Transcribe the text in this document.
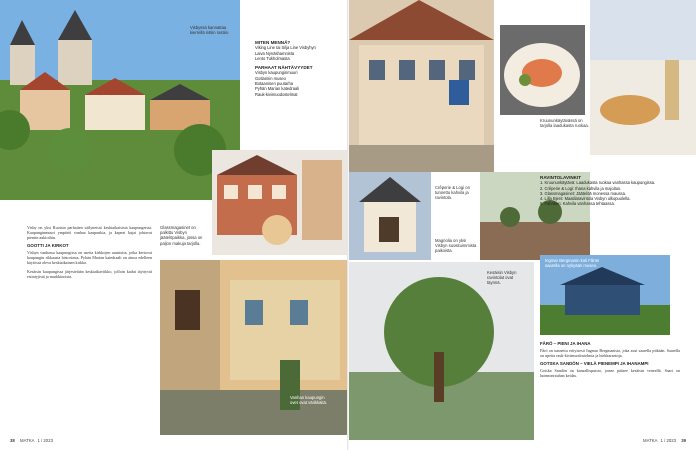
Visbyssä kannattaa kierrellä ristiin rastiin.
MITEN MENNÄ?
Viking Line tai Silja Line Visbyhyn
Laiva Nynäshamnista
Lento Tukholmasta
PARHAAT NÄHTÄVYYDET
Visbyn kaupunginmuuri
Gotlannin museo
Botaaninen puutarha
Pyhän Marian katedraali
Rauk-kivimuodostelmat
Glassmagasinet on palkittu Visbyn jäätelöpaikka, jossa on paljon makuja tarjolla.
Visby on yksi Ruotsin parhaiten säilyneistä keskiaikaisista kaupungeista. Kaupunginmuuri ympäröi vanhaa kaupunkia, ja kapeat kujat johtavat pieniin aukioihin.
GOOTTI JA KIRKOT
Visbyn vanhassa kaupungissa on useita kirkkojen raunioita, jotka kertovat kaupungin rikkaasta historiasta. Pyhän Marian katedraali on ainoa edelleen käytössä oleva keskiaikainen kirkko.
Kesäisin kaupungissa järjestetään keskiaikaviikko, jolloin kadut täyttyvät esiintyjistä ja markkinoista.
Vanhan kaupungin ovet ovat värikkäitä.
38 MATKA 1 / 2023
Kruununkäytävässä on tarjolla laadukasta ruokaa.
Crêperie & Logi on tunnettu kahvila ja ravintola.
Magnolia on yksi Visbyn suosituimmista paikoista.
RAVINTOLAVINKIT
1. Kruununkäytävä: Laadukasta ruokaa vanhassa kaupungissa.
2. Crêperie & Logi: Ihana kahvila ja majoitus.
3. Glassmagasinet: Jäätelöä monessa maussa.
4. Lilla Bjers: Maatilaravintola Visbyn ulkopuolella.
5. Fabriken: Kahvila vanhassa tehtaassa.
Ingmar Bergmanin koti Fårön saarella on nykyään museo.
Kesäisin Visbyn ravintolat ovat täynnä.
FÅRÖ – PIENI JA IHANA
Fårö on tunnettu erityisesti Ingmar Bergmanista, joka asui saarella pitkään. Saarella on upeita rauk-kivimuodostelmia ja hiekkarantoja.
GOTSKA SANDÖN – VIELÄ PIENEMPI JA IHANAMPI
Gotska Sandön on kansallispuisto, jonne pääsee kesäisin veneellä. Saari on luonnonrauhan keidas.
MATKA 1 / 2023 39
